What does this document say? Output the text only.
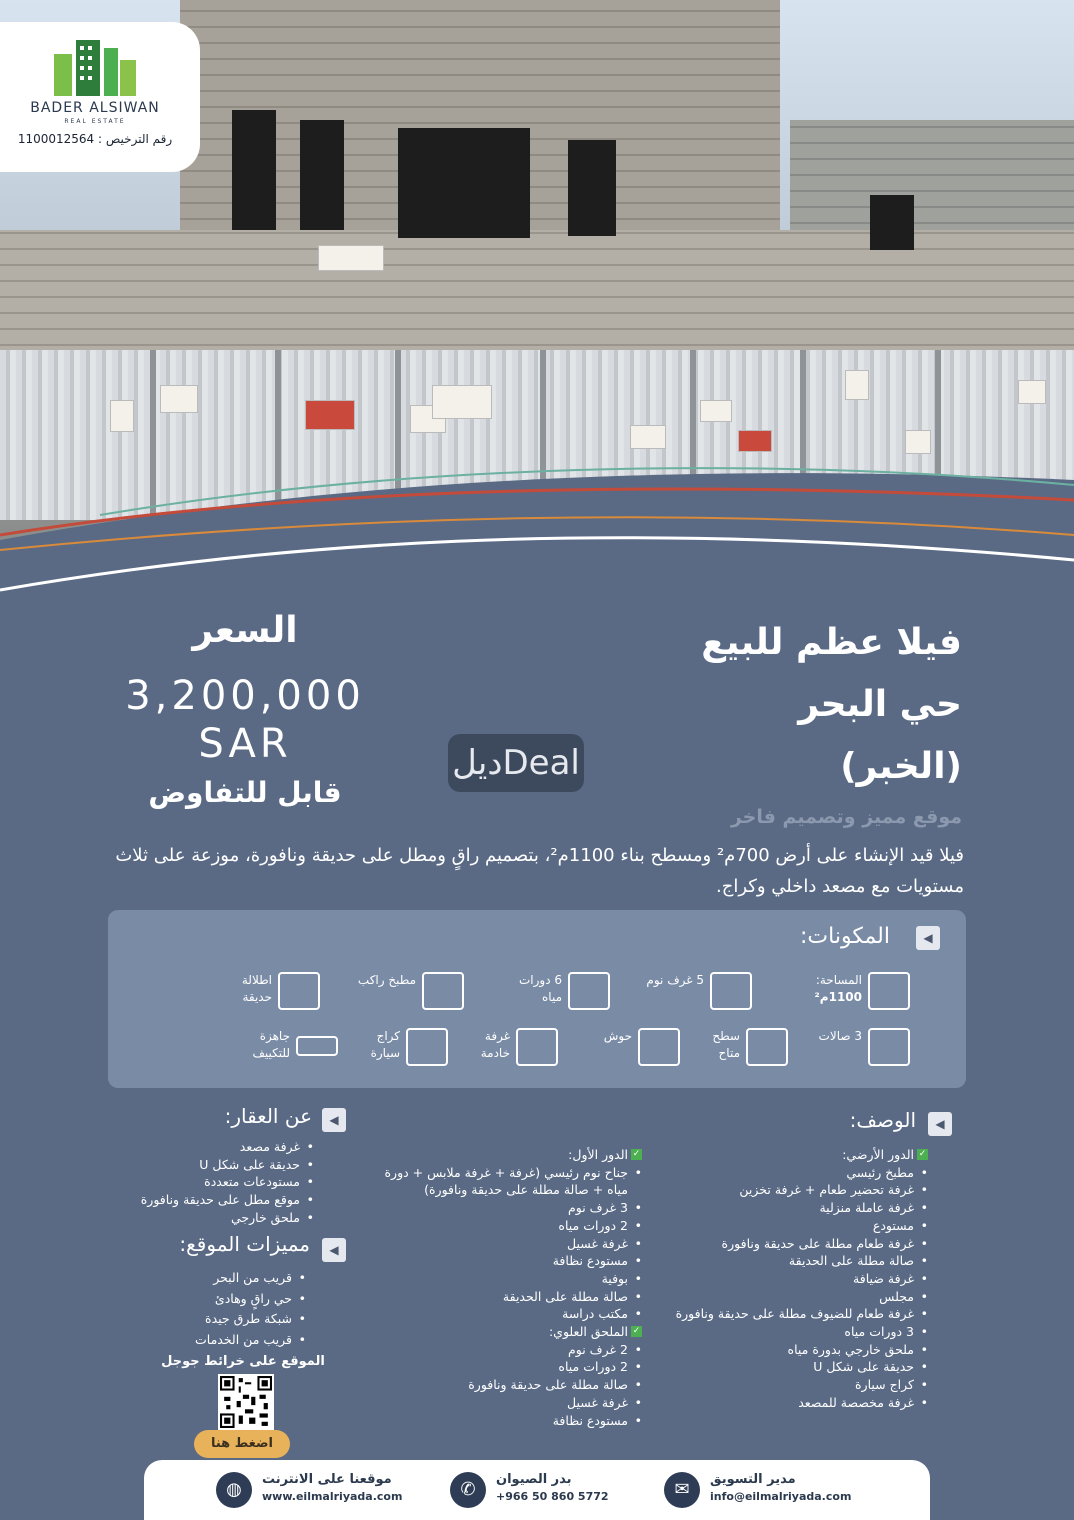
BADER ALSIWAN
REAL ESTATE
رقم الترخيص : 1100012564
فيلا عظم للبيع
حي البحر
(الخبر)
السعر
3,200,000
SAR
قابل للتفاوض
ديلDeal
موقع مميز وتصميم فاخر
فيلا قيد الإنشاء على أرض 700م² ومسطح بناء 1100م²، بتصميم راقٍ ومطل على حديقة ونافورة، موزعة على ثلاث مستويات مع مصعد داخلي وكراج.
◀
المكونات:
المساحة:
1100م²
5 غرف نوم
6 دورات مياه
مطبخ راكب
اطلالة حديقة
3 صالات
سطح متاح
حوش
غرفة خادمة
كراج سيارة
جاهزة للتكييف
◀
الوصف:
✓ الدور الأرضي:
• مطبخ رئيسي
• غرفة تحضير طعام + غرفة تخزين
• غرفة عاملة منزلية
• مستودع
• غرفة طعام مطلة على حديقة ونافورة
• صالة مطلة على الحديقة
• غرفة ضيافة
• مجلس
• غرفة طعام للضيوف مطلة على حديقة ونافورة
• 3 دورات مياه
• ملحق خارجي بدورة مياه
• حديقة على شكل U
• كراج سيارة
• غرفة مخصصة للمصعد
✓ الدور الأول:
• جناح نوم رئيسي (غرفة + غرفة ملابس + دورة مياه + صالة مطلة على حديقة ونافورة)
• 3 غرف نوم
• 2 دورات مياه
• غرفة غسيل
• مستودع نظافة
• بوفية
• صالة مطلة على الحديقة
• مكتب دراسة
✓ الملحق العلوي:
• 2 غرف نوم
• 2 دورات مياه
• صالة مطلة على حديقة ونافورة
• غرفة غسيل
• مستودع نظافة
◀
عن العقار:
• غرفة مصعد
• حديقة على شكل U
• مستودعات متعددة
• موقع مطل على حديقة ونافورة
• ملحق خارجي
◀
مميزات الموقع:
• قريب من البحر
• حي راقٍ وهادئ
• شبكة طرق جيدة
• قريب من الخدمات
الموقع على خرائط جوجل
اضغط هنا
◍	موقعنا على الانترنت
www.eilmalriyada.com	✆	بدر الصيوان
+966 50 860 5772	✉	مدير التسويق
info@eilmalriyada.com
